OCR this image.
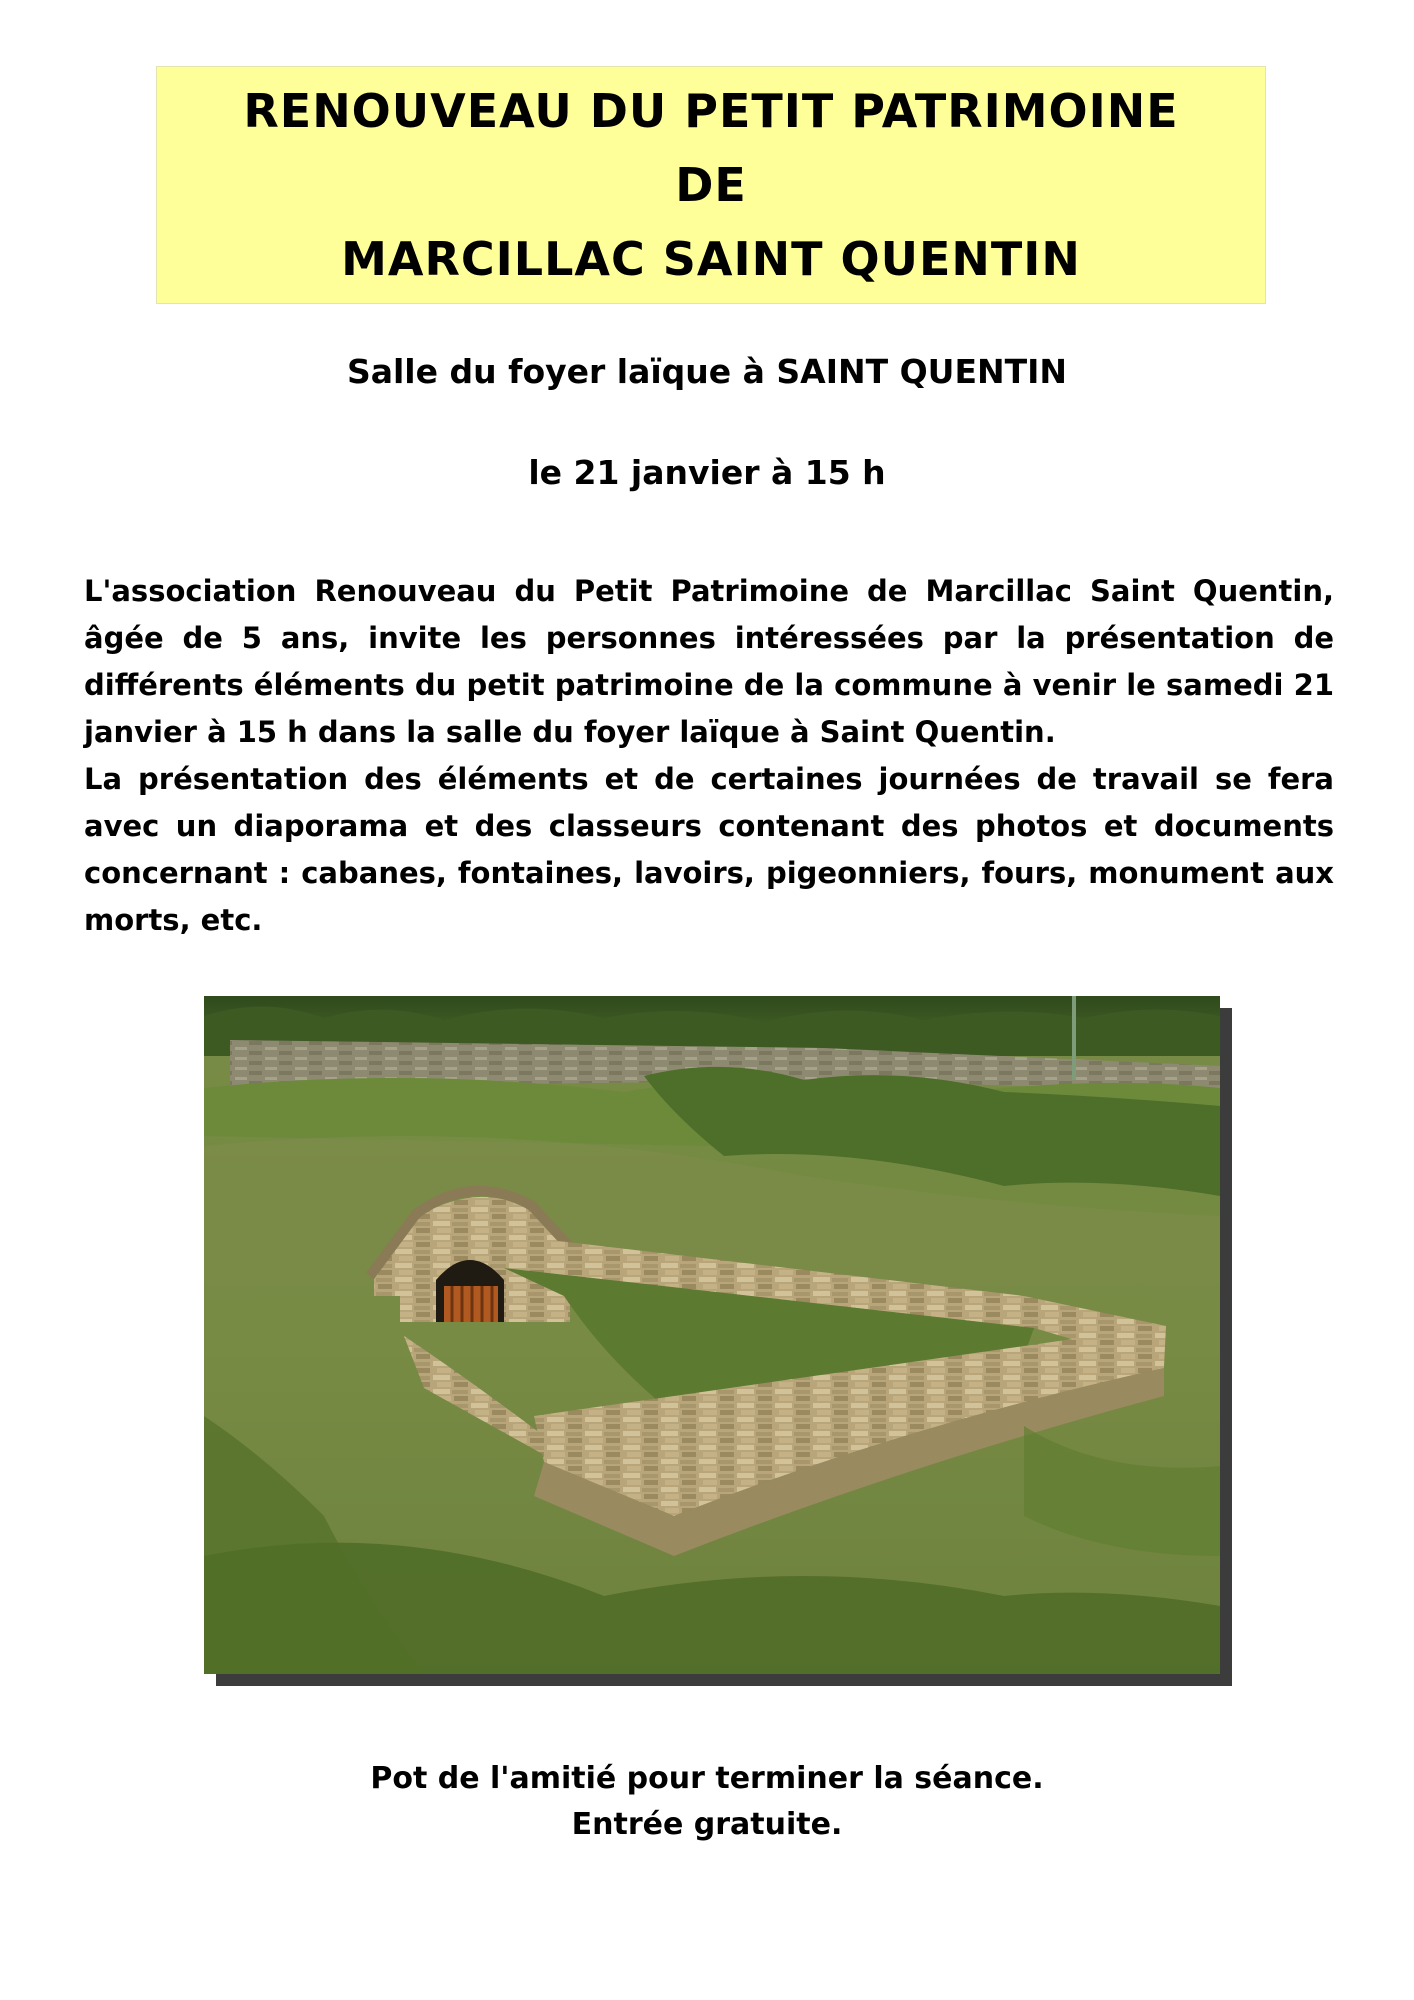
RENOUVEAU DU PETIT PATRIMOINE
DE
MARCILLAC SAINT QUENTIN
Salle du foyer laïque à SAINT QUENTIN
le 21 janvier à 15 h

L'association Renouveau du Petit Patrimoine de Marcillac Saint Quentin, âgée de 5 ans, invite les personnes intéressées par la présentation de différents éléments du petit patrimoine de la commune à venir le samedi 21 janvier à 15 h dans la salle du foyer laïque à Saint Quentin.

La présentation des éléments et de certaines journées de travail se fera avec un diaporama et des classeurs contenant des photos et documents concernant : cabanes, fontaines, lavoirs, pigeonniers, fours, monument aux morts, etc.

Pot de l'amitié pour terminer la séance.
Entrée gratuite.
